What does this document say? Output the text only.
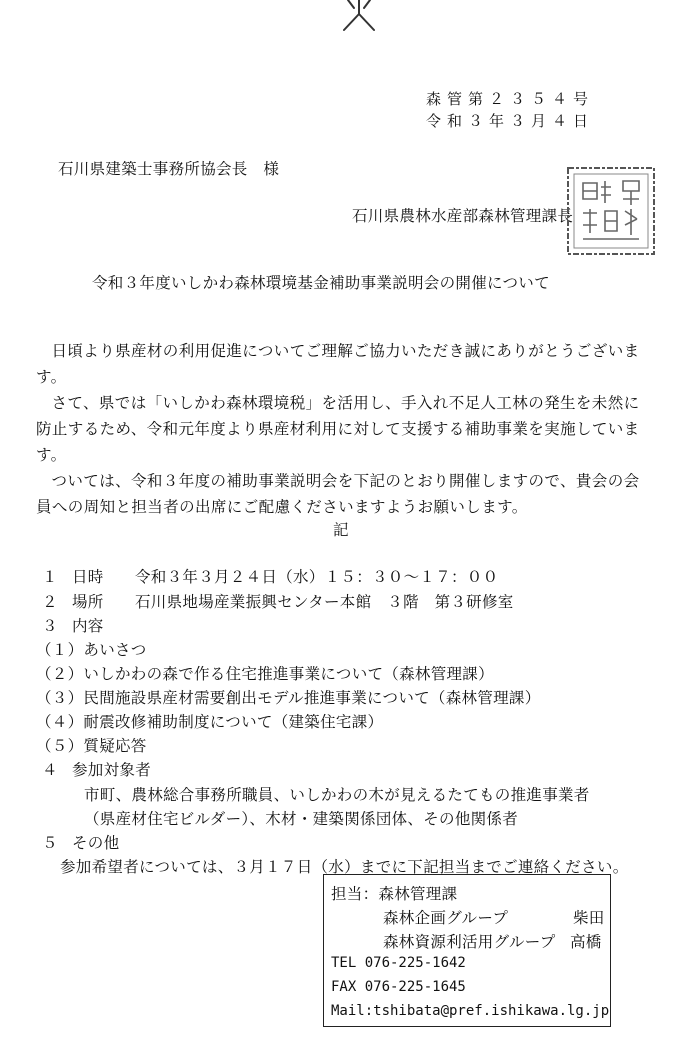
森管第２３５４号
令和３年３月４日
石川県建築士事務所協会長　様
石川県農林水産部森林管理課長
令和３年度いしかわ森林環境基金補助事業説明会の開催について
日頃より県産材の利用促進についてご理解ご協力いただき誠にありがとうございます。
さて、県では「いしかわ森林環境税」を活用し、手入れ不足人工林の発生を未然に防止するため、令和元年度より県産材利用に対して支援する補助事業を実施しています。
ついては、令和３年度の補助事業説明会を下記のとおり開催しますので、貴会の会員への周知と担当者の出席にご配慮くださいますようお願いします。
記
１ 日時 令和３年３月２４日（水）１５：３０～１７：００
２ 場所 石川県地場産業振興センター本館　３階　第３研修室
３ 内容
（１）あいさつ
（２）いしかわの森で作る住宅推進事業について（森林管理課）
（３）民間施設県産材需要創出モデル推進事業について（森林管理課）
（４）耐震改修補助制度について（建築住宅課）
（５）質疑応答
４ 参加対象者
市町、農林総合事務所職員、いしかわの木が見えるたてもの推進事業者
（県産材住宅ビルダー）、木材・建築関係団体、その他関係者
５ その他
参加希望者については、３月１７日（水）までに下記担当までご連絡ください。
担当：森林管理課
森林企画グループ	柴田
森林資源利活用グループ 高橋
TEL 076-225-1642
FAX 076-225-1645
Mail:tshibata@pref.ishikawa.lg.jp
